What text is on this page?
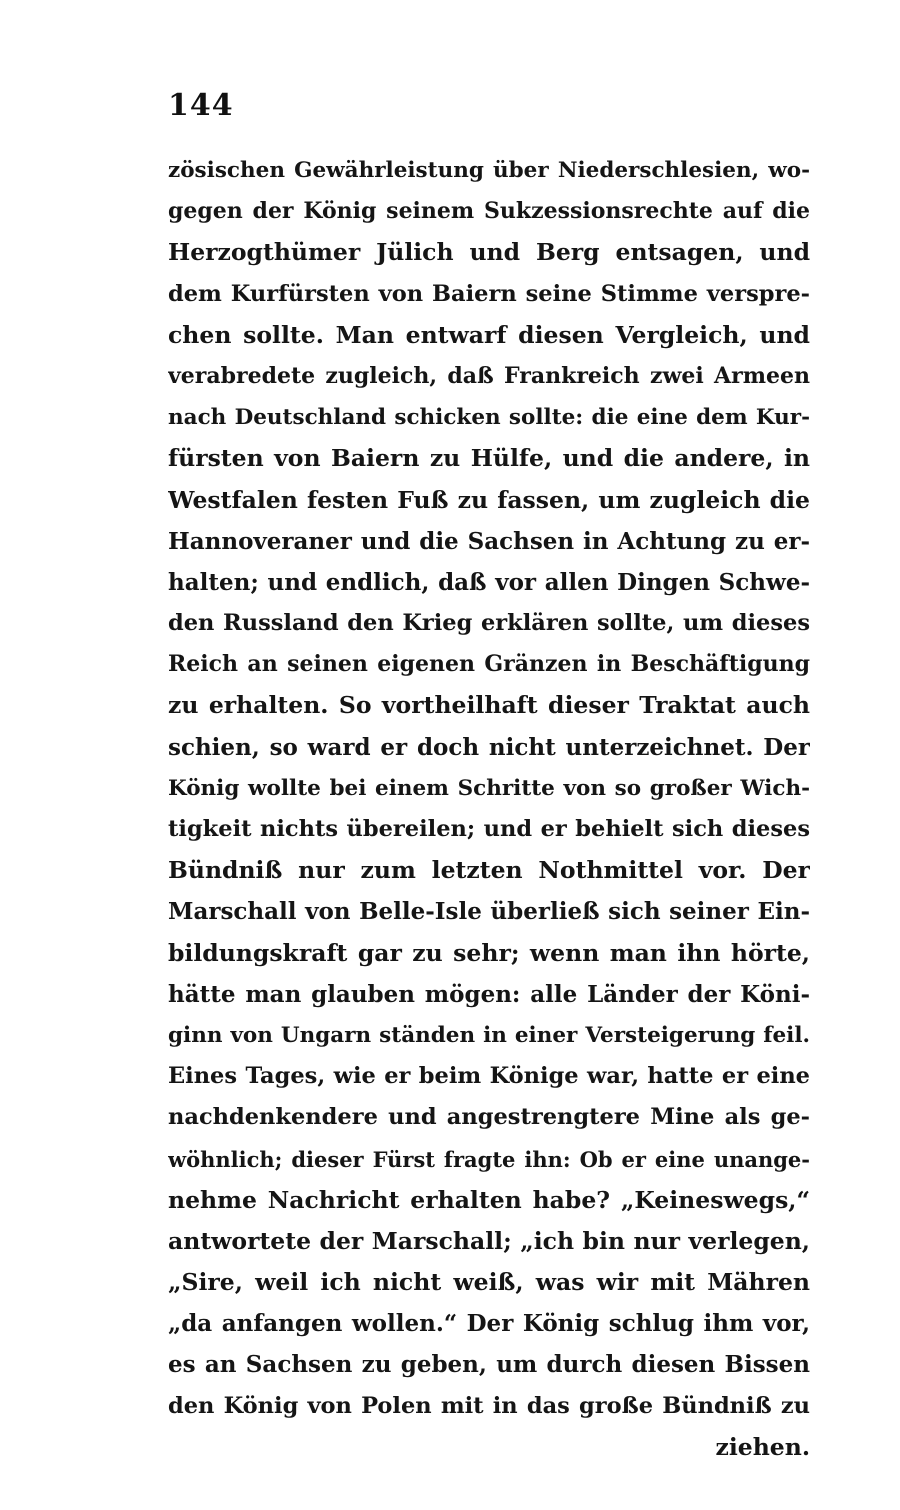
144
zösischen Gewährleistung über Niederschlesien, wo-
gegen der König seinem Sukzessionsrechte auf die
Herzogthümer Jülich und Berg entsagen, und
dem Kurfürsten von Baiern seine Stimme verspre-
chen sollte. Man entwarf diesen Vergleich, und
verabredete zugleich, daß Frankreich zwei Armeen
nach Deutschland schicken sollte: die eine dem Kur-
fürsten von Baiern zu Hülfe, und die andere, in
Westfalen festen Fuß zu fassen, um zugleich die
Hannoveraner und die Sachsen in Achtung zu er-
halten; und endlich, daß vor allen Dingen Schwe-
den Russland den Krieg erklären sollte, um dieses
Reich an seinen eigenen Gränzen in Beschäftigung
zu erhalten. So vortheilhaft dieser Traktat auch
schien, so ward er doch nicht unterzeichnet. Der
König wollte bei einem Schritte von so großer Wich-
tigkeit nichts übereilen; und er behielt sich dieses
Bündniß nur zum letzten Nothmittel vor. Der
Marschall von Belle-Isle überließ sich seiner Ein-
bildungskraft gar zu sehr; wenn man ihn hörte,
hätte man glauben mögen: alle Länder der Köni-
ginn von Ungarn ständen in einer Versteigerung feil.
Eines Tages, wie er beim Könige war, hatte er eine
nachdenkendere und angestrengtere Mine als ge-
wöhnlich; dieser Fürst fragte ihn: Ob er eine unange-
nehme Nachricht erhalten habe? „Keineswegs,“
antwortete der Marschall; „ich bin nur verlegen,
„Sire, weil ich nicht weiß, was wir mit Mähren
„da anfangen wollen.“ Der König schlug ihm vor,
es an Sachsen zu geben, um durch diesen Bissen
den König von Polen mit in das große Bündniß zu
ziehen.
